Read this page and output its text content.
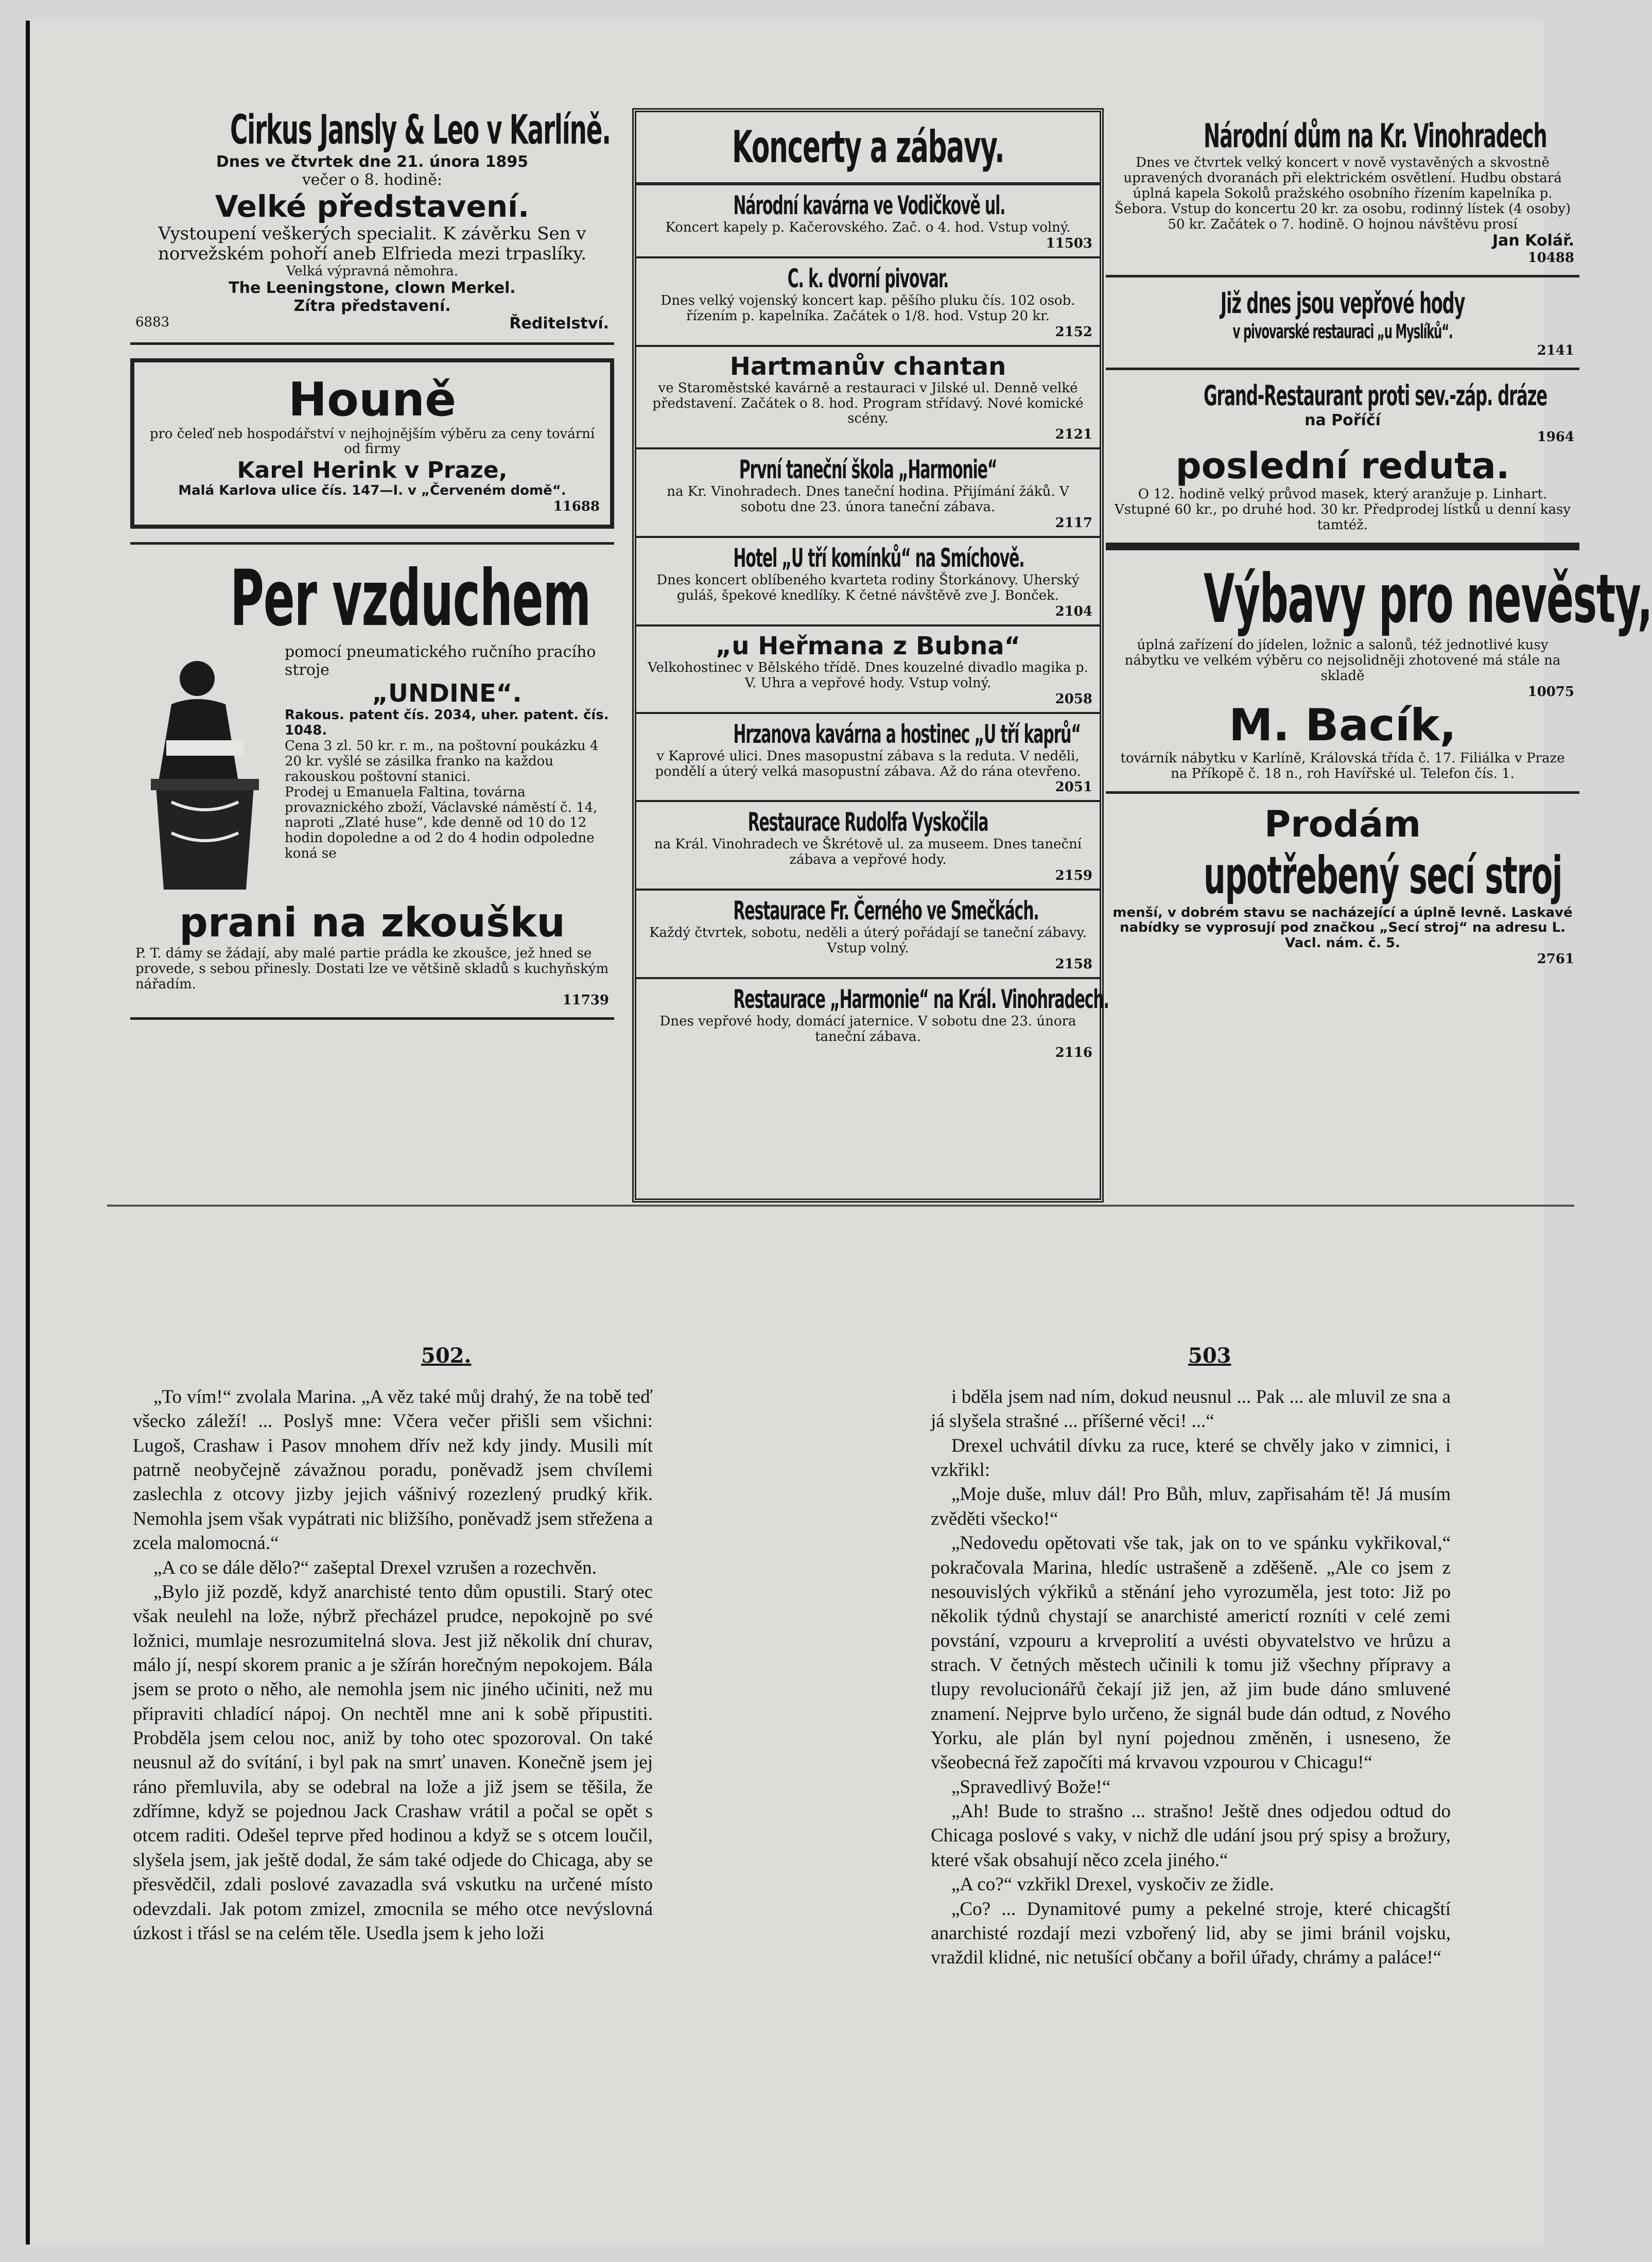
Cirkus Jansly & Leo v Karlíně.
Dnes ve čtvrtek dne 21. února 1895
večer o 8. hodině:
Velké představení.
Vystoupení veškerých specialit. K závěrku Sen v norvežském pohoří aneb Elfrieda mezi trpaslíky.
Velká výpravná němohra.
The Leeningstone, clown Merkel.
Zítra představení.
6883	Ředitelství.
Houně
pro čeleď neb hospodářství v nejhojnějším výběru za ceny tovární od firmy
Karel Herink v Praze,
Malá Karlova ulice čís. 147—I. v „Červeném domě“.
11688
Per vzduchem
pomocí pneumatického ručního pracího stroje
„UNDINE“.
Rakous. patent čís. 2034, uher. patent. čís. 1048.
Cena 3 zl. 50 kr. r. m., na poštovní poukázku 4 20 kr. vyšlé se zásilka franko na každou rakouskou poštovní stanici.
Prodej u Emanuela Faltina, továrna provaznického zboží, Václavské náměstí č. 14, naproti „Zlaté huse“, kde denně od 10 do 12 hodin dopoledne a od 2 do 4 hodin odpoledne koná se
prani na zkoušku
P. T. dámy se žádají, aby malé partie prádla ke zkoušce, jež hned se provede, s sebou přinesly. Dostati lze ve většině skladů s kuchyňským nářadím.
11739
Koncerty a zábavy.
Národní kavárna ve Vodičkově ul.
Koncert kapely p. Kačerovského. Zač. o 4. hod. Vstup volný.
11503
C. k. dvorní pivovar.
Dnes velký vojenský koncert kap. pěšího pluku čís. 102 osob. řízením p. kapelníka. Začátek o 1/8. hod. Vstup 20 kr.
2152
Hartmanův chantan
ve Staroměstské kavárně a restauraci v Jilské ul. Denně velké představení. Začátek o 8. hod. Program střídavý. Nové komické scény.
2121
První taneční škola „Harmonie“
na Kr. Vinohradech. Dnes taneční hodina. Přijímání žáků. V sobotu dne 23. února taneční zábava.
2117
Hotel „U tří komínků“ na Smíchově.
Dnes koncert oblíbeného kvarteta rodiny Štorkánovy. Uherský guláš, špekové knedlíky. K četné návštěvě zve J. Bonček.
2104
„u Heřmana z Bubna“
Velkohostinec v Bělského třídě. Dnes kouzelné divadlo magika p. V. Uhra a vepřové hody. Vstup volný.
2058
Hrzanova kavárna a hostinec „U tří kaprů“
v Kaprové ulici. Dnes masopustní zábava s la reduta. V neděli, pondělí a úterý velká masopustní zábava. Až do rána otevřeno.
2051
Restaurace Rudolfa Vyskočila
na Král. Vinohradech ve Škrétově ul. za museem. Dnes taneční zábava a vepřové hody.
2159
Restaurace Fr. Černého ve Smečkách.
Každý čtvrtek, sobotu, neděli a úterý pořádají se taneční zábavy. Vstup volný.
2158
Restaurace „Harmonie“ na Král. Vinohradech.
Dnes vepřové hody, domácí jaternice. V sobotu dne 23. února taneční zábava.
2116
Národní dům na Kr. Vinohradech
Dnes ve čtvrtek velký koncert v nově vystavěných a skvostně upravených dvoranách při elektrickém osvětlení. Hudbu obstará úplná kapela Sokolů pražského osobního řízením kapelníka p. Šebora. Vstup do koncertu 20 kr. za osobu, rodinný lístek (4 osoby) 50 kr. Začátek o 7. hodině. O hojnou návštěvu prosí
Jan Kolář.
10488
Již dnes jsou vepřové hody
v pivovarské restauraci „u Myslíků“.
2141
Grand-Restaurant proti sev.-záp. dráze
na Poříčí
1964
poslední reduta.
O 12. hodině velký průvod masek, který aranžuje p. Linhart. Vstupné 60 kr., po druhé hod. 30 kr. Předprodej lístků u denní kasy tamtéž.
Výbavy pro nevěsty,
úplná zařízení do jídelen, ložnic a salonů, též jednotlivé kusy nábytku ve velkém výběru co nejsolidněji zhotovené má stále na skladě
10075
M. Bacík,
továrník nábytku v Karlíně, Královská třída č. 17. Filiálka v Praze na Příkopě č. 18 n., roh Havířské ul. Telefon čís. 1.
Prodám
upotřebený secí stroj
menší, v dobrém stavu se nacházející a úplně levně. Laskavé nabídky se vyprosují pod značkou „Secí stroj“ na adresu L. Vacl. nám. č. 5.
2761
502.	503

„To vím!“ zvolala Marina. „A věz také můj drahý, že na tobě teď všecko záleží! ... Poslyš mne: Včera večer přišli sem všichni: Lugoš, Crashaw i Pasov mnohem dřív než kdy jindy. Musili mít patrně neobyčejně závažnou poradu, poněvadž jsem chvílemi zaslechla z otcovy jizby jejich vášnivý rozezlený prudký křik. Nemohla jsem však vypátrati nic bližšího, poněvadž jsem střežena a zcela malomocná.“

„A co se dále dělo?“ zašeptal Drexel vzrušen a rozechvěn.

„Bylo již pozdě, když anarchisté tento dům opustili. Starý otec však neulehl na lože, nýbrž přecházel prudce, nepokojně po své ložnici, mumlaje nesrozumitelná slova. Jest již několik dní churav, málo jí, nespí skorem pranic a je sžírán horečným nepokojem. Bála jsem se proto o něho, ale nemohla jsem nic jiného učiniti, než mu připraviti chladící nápoj. On nechtěl mne ani k sobě připustiti. Probděla jsem celou noc, aniž by toho otec spozoroval. On také neusnul až do svítání, i byl pak na smrť unaven. Konečně jsem jej ráno přemluvila, aby se odebral na lože a již jsem se těšila, že zdřímne, když se pojednou Jack Crashaw vrátil a počal se opět s otcem raditi. Odešel teprve před hodinou a když se s otcem loučil, slyšela jsem, jak ještě dodal, že sám také odjede do Chicaga, aby se přesvědčil, zdali poslové zavazadla svá vskutku na určené místo odevzdali. Jak potom zmizel, zmocnila se mého otce nevýslovná úzkost i třásl se na celém těle. Usedla jsem k jeho loži

i bděla jsem nad ním, dokud neusnul ... Pak ... ale mluvil ze sna a já slyšela strašné ... příšerné věci! ...“

Drexel uchvátil dívku za ruce, které se chvěly jako v zimnici, i vzkřikl:

„Moje duše, mluv dál! Pro Bůh, mluv, zapřisahám tě! Já musím zvěděti všecko!“

„Nedovedu opětovati vše tak, jak on to ve spánku vykřikoval,“ pokračovala Marina, hledíc ustrašeně a zděšeně. „Ale co jsem z nesouvislých výkřiků a stěnání jeho vyrozuměla, jest toto: Již po několik týdnů chystají se anarchisté americtí rozníti v celé zemi povstání, vzpouru a krveprolití a uvésti obyvatelstvo ve hrůzu a strach. V četných městech učinili k tomu již všechny přípravy a tlupy revolucionářů čekají již jen, až jim bude dáno smluvené znamení. Nejprve bylo určeno, že signál bude dán odtud, z Nového Yorku, ale plán byl nyní pojednou změněn, i usneseno, že všeobecná řež započíti má krvavou vzpourou v Chicagu!“

„Spravedlivý Bože!“

„Ah! Bude to strašno ... strašno! Ještě dnes odjedou odtud do Chicaga poslové s vaky, v nichž dle udání jsou prý spisy a brožury, které však obsahují něco zcela jiného.“

„A co?“ vzkřikl Drexel, vyskočiv ze židle.

„Co? ... Dynamitové pumy a pekelné stroje, které chicagští anarchisté rozdají mezi vzbořený lid, aby se jimi bránil vojsku, vraždil klidné, nic netušící občany a bořil úřady, chrámy a paláce!“
